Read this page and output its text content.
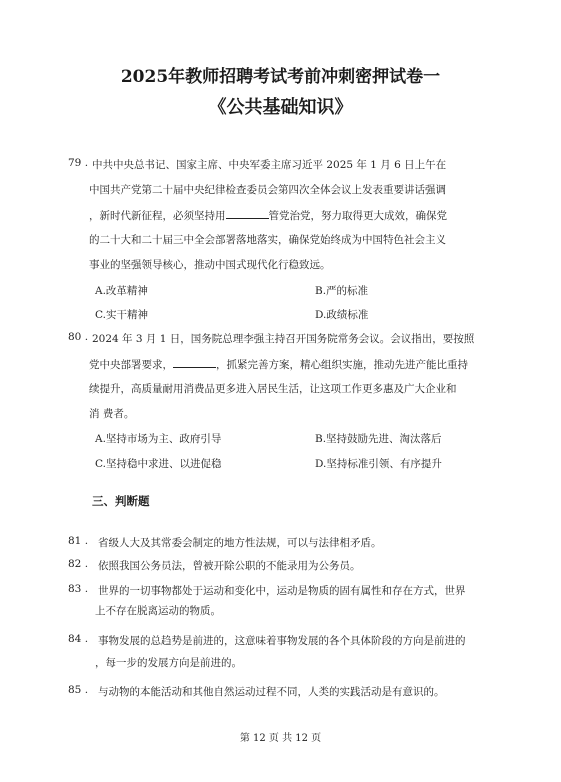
2025年教师招聘考试考前冲刺密押试卷一
《公共基础知识》
79 . 中共中央总书记、国家主席、中央军委主席习近平 2025 年 1 月 6 日上午在
中国共产党第二十届中央纪律检查委员会第四次全体会议上发表重要讲话强调
，新时代新征程，必须坚持用	管党治党，努力取得更大成效，确保党
的二十大和二十届三中全会部署落地落实，确保党始终成为中国特色社会主义
事业的坚强领导核心，推动中国式现代化行稳致远。
A.改革精神	B.严的标准
C.实干精神	D.政绩标准
80 . 2024 年 3 月 1 日，国务院总理李强主持召开国务院常务会议。会议指出，要按照
党中央部署要求，	，抓紧完善方案，精心组织实施，推动先进产能比重持
续提升，高质量耐用消费品更多进入居民生活，让这项工作更多惠及广大企业和
消 费者。
A.坚持市场为主、政府引导	B.坚持鼓励先进、淘汰落后
C.坚持稳中求进、以进促稳	D.坚持标准引领、有序提升
三、判断题
81 . 省级人大及其常委会制定的地方性法规，可以与法律相矛盾。
82 . 依照我国公务员法，曾被开除公职的不能录用为公务员。
83 . 世界的一切事物都处于运动和变化中，运动是物质的固有属性和存在方式，世界
上不存在脱离运动的物质。
84 . 事物发展的总趋势是前进的，这意味着事物发展的各个具体阶段的方向是前进的
，每一步的发展方向是前进的。
85 . 与动物的本能活动和其他自然运动过程不同，人类的实践活动是有意识的。
第 12 页 共 12 页
